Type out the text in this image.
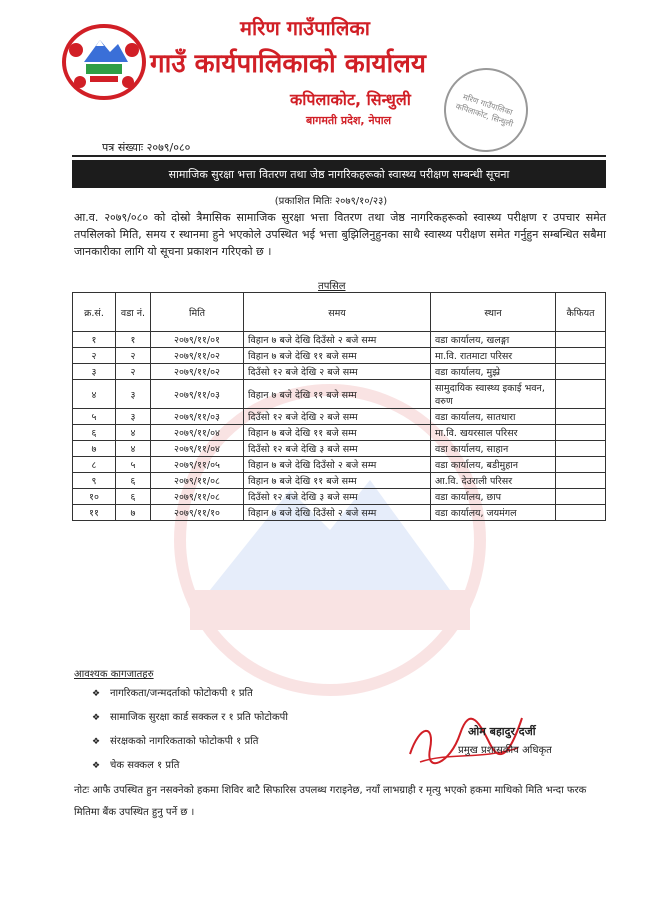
मरिण गाउँपालिका
गाउँ कार्यपालिकाको कार्यालय
कपिलाकोट, सिन्धुली
बागमती प्रदेश, नेपाल
मरिण गाउँपालिका कपिलाकोट, सिन्धुली
पत्र संख्याः २०७९/०८०
सामाजिक सुरक्षा भत्ता वितरण तथा जेष्ठ नागरिकहरूको स्वास्थ्य परीक्षण सम्बन्धी सूचना
(प्रकाशित मितिः २०७९/१०/२३)
आ.व. २०७९/०८० को दोस्रो त्रैमासिक सामाजिक सुरक्षा भत्ता वितरण तथा जेष्ठ नागरिकहरूको स्वास्थ्य परीक्षण र उपचार समेत तपसिलको मिति, समय र स्थानमा हुने भएकोले उपस्थित भई भत्ता बुझिलिनुहुनका साथै स्वास्थ्य परीक्षण समेत गर्नुहुन सम्बन्धित सबैमा जानकारीका लागि यो सूचना प्रकाशन गरिएको छ ।
तपसिल
क्र.सं.	वडा नं.	मिति	समय	स्थान	कैफियत
१	१	२०७९/११/०१	विहान ७ बजे देखि दिउँसो २ बजे सम्म	वडा कार्यालय, खलङ्गा	
२	२	२०७९/११/०२	विहान ७ बजे देखि ११ बजे सम्म	मा.वि. रातमाटा परिसर	
३	२	२०७९/११/०२	दिउँसो १२ बजे देखि २ बजे सम्म	वडा कार्यालय, मुझ्रे	
४	३	२०७९/११/०३	विहान ७ बजे देखि ११ बजे सम्म	सामुदायिक स्वास्थ्य इकाई भवन, वरुण	
५	३	२०७९/११/०३	दिउँसो १२ बजे देखि २ बजे सम्म	वडा कार्यालय, सातधारा	
६	४	२०७९/११/०४	विहान ७ बजे देखि ११ बजे सम्म	मा.वि. खयरसाल परिसर	
७	४	२०७९/११/०४	दिउँसो १२ बजे देखि ३ बजे सम्म	वडा कार्यालय, साहान	
८	५	२०७९/११/०५	विहान ७ बजे देखि दिउँसो २ बजे सम्म	वडा कार्यालय, बडीमुहान	
९	६	२०७९/११/०८	विहान ७ बजे देखि ११ बजे सम्म	आ.वि. देउराली परिसर	
१०	६	२०७९/११/०८	दिउँसो १२ बजे देखि ३ बजे सम्म	वडा कार्यालय, छाप	
११	७	२०७९/११/१०	विहान ७ बजे देखि दिउँसो २ बजे सम्म	वडा कार्यालय, जयमंगल	
आवश्यक कागजातहरु
❖ नागरिकता/जन्मदर्ताको फोटोकपी १ प्रति
❖ सामाजिक सुरक्षा कार्ड सक्कल र १ प्रति फोटोकपी
❖ संरक्षकको नागरिकताको फोटोकपी १ प्रति
❖ चेक सक्कल १ प्रति
ओम बहादुर दर्जी
प्रमुख प्रशासकीय अधिकृत
नोटः आफै उपस्थित हुन नसक्नेको हकमा शिविर बाटै सिफारिस उपलब्ध गराइनेछ, नयाँ लाभग्राही र मृत्यु भएको हकमा माथिको मिति भन्दा फरक मितिमा बैंक उपस्थित हुनु पर्ने छ ।
